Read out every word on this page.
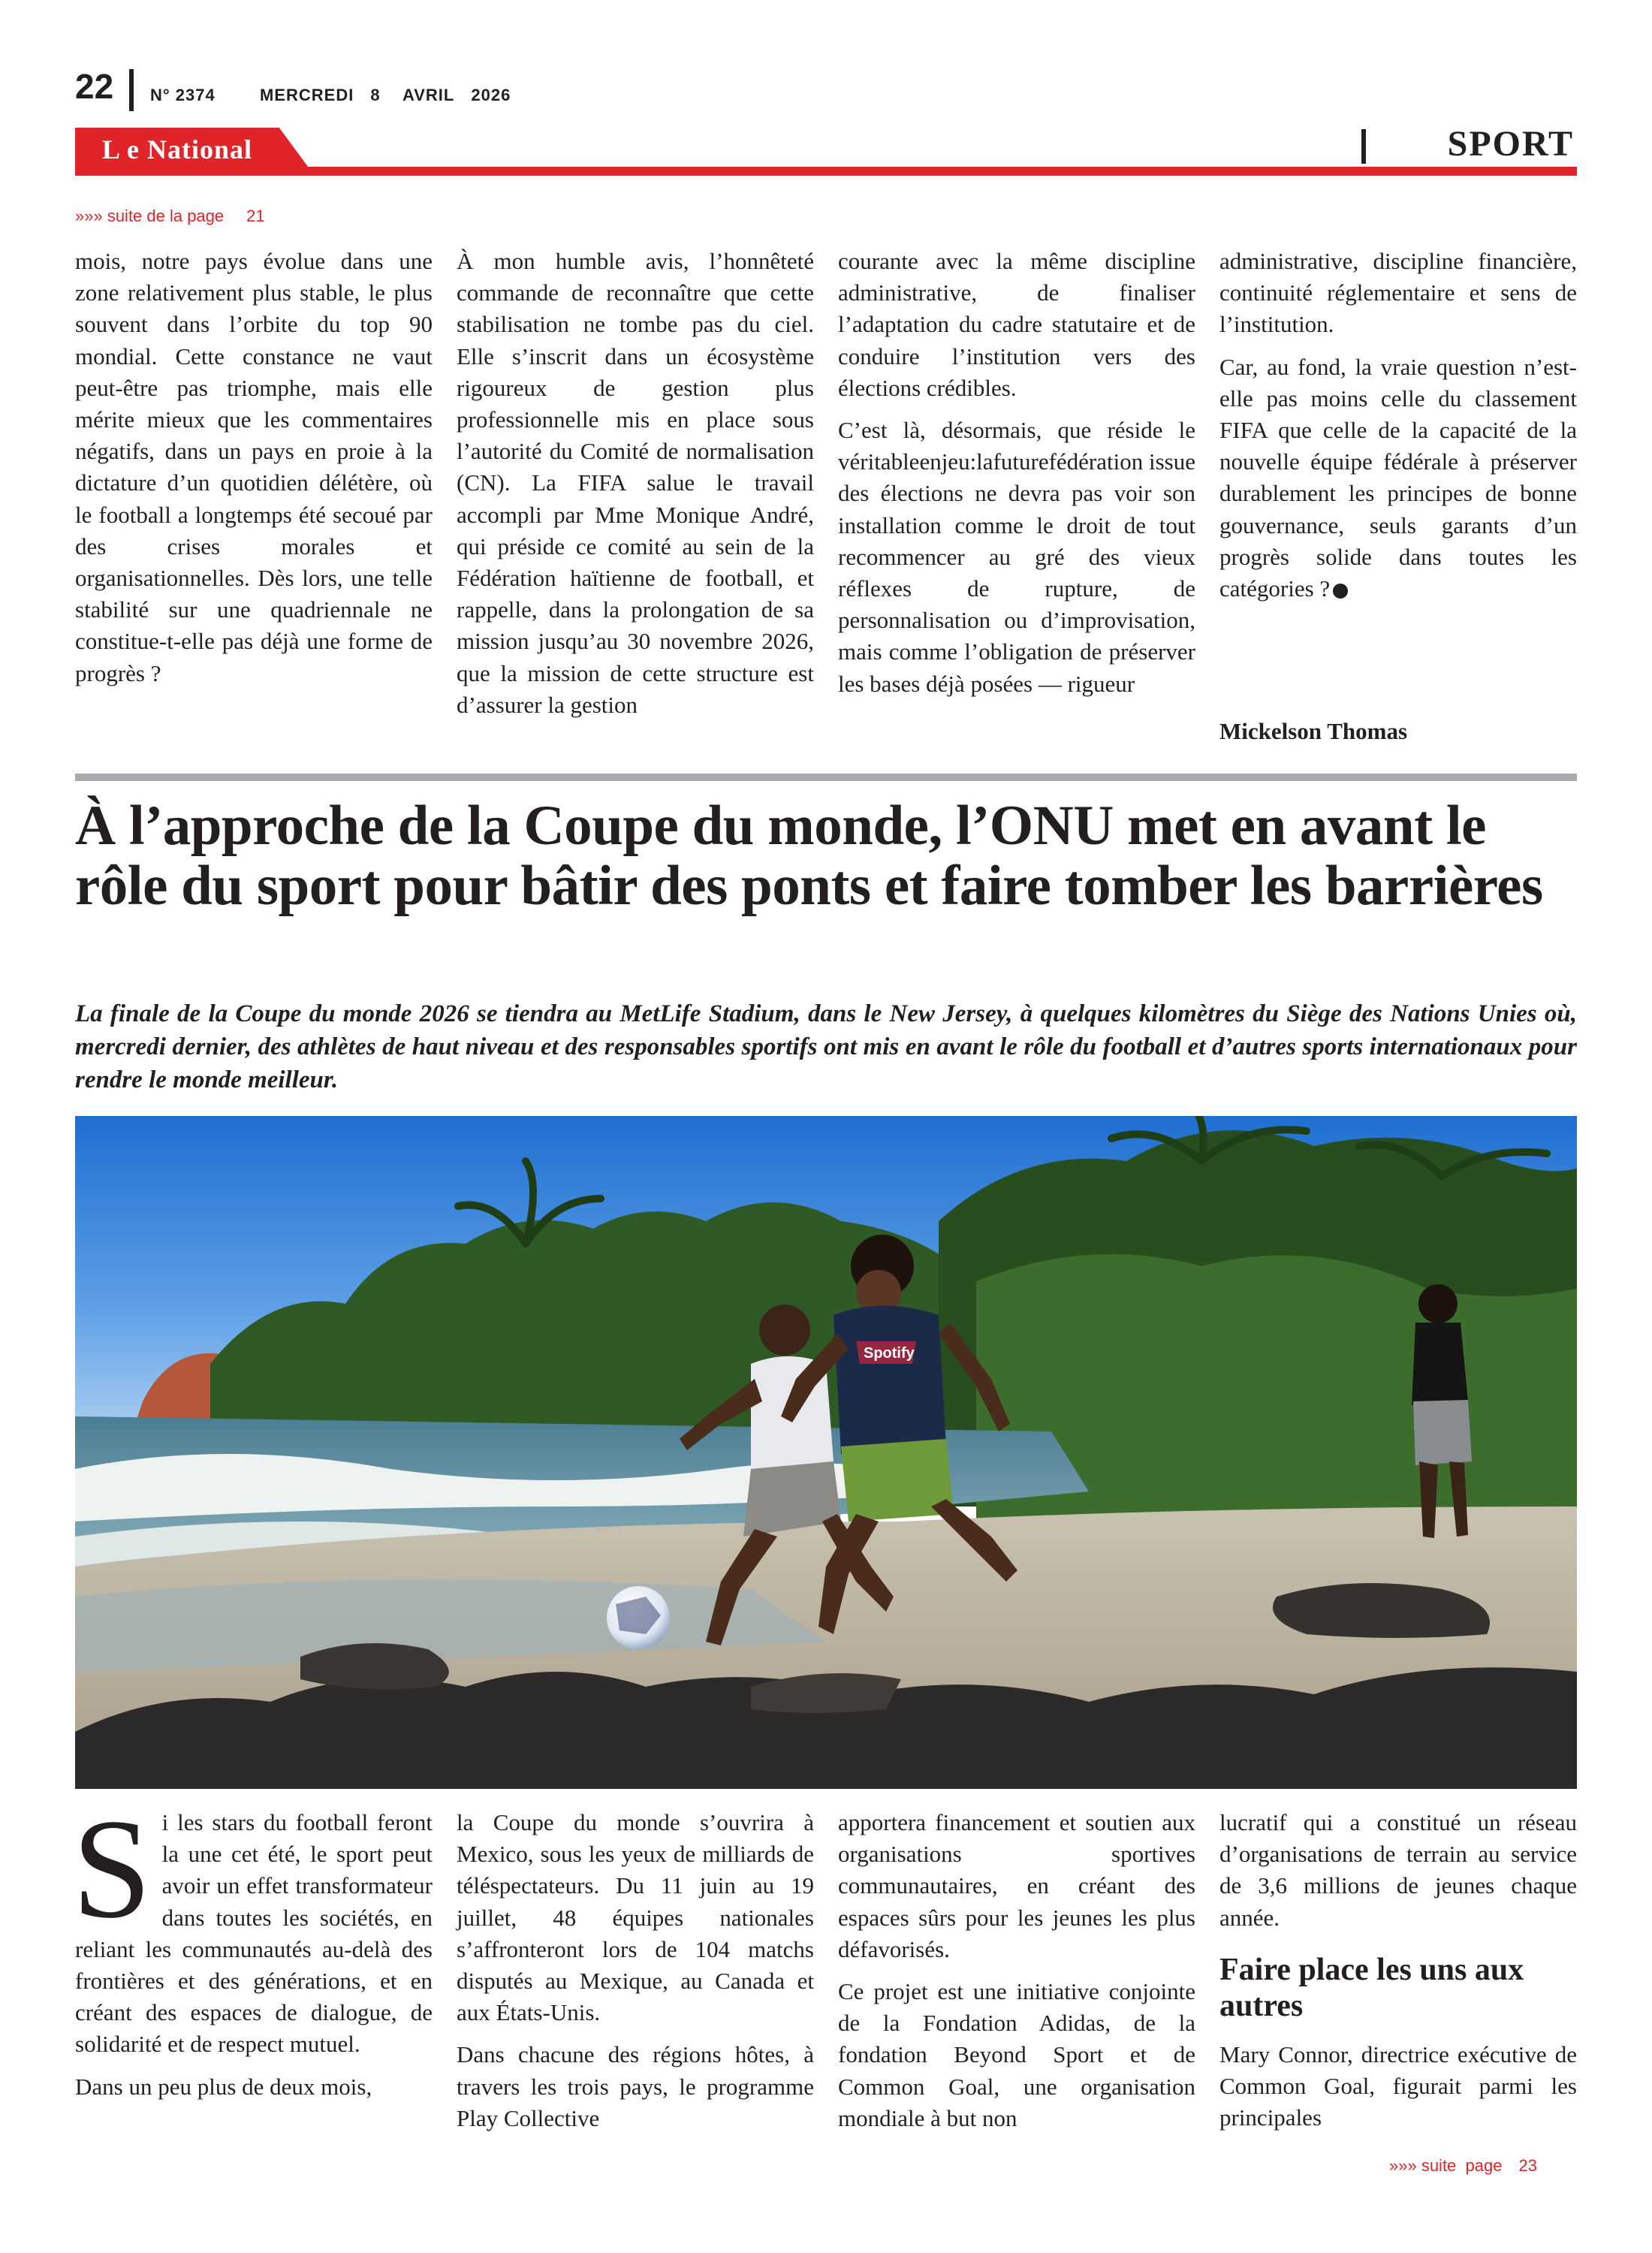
22 N° 2374	MERCREDI 8  AVRIL 2026
L e National	SPORT
»»» suite de la page 21

mois, notre pays évolue dans une zone relativement plus stable, le plus souvent dans l’orbite du top 90 mondial. Cette constance ne vaut peut-être pas triomphe, mais elle mérite mieux que les commentaires négatifs, dans un pays en proie à la dictature d’un quotidien délétère, où le football a longtemps été secoué par des crises morales et organisationnelles. Dès lors, une telle stabilité sur une quadriennale ne constitue-t-elle pas déjà une forme de progrès ?

À mon humble avis, l’honnêteté commande de reconnaître que cette stabilisation ne tombe pas du ciel. Elle s’inscrit dans un écosystème rigoureux de gestion plus professionnelle mis en place sous l’autorité du Comité de normalisation (CN). La FIFA salue le travail accompli par Mme Monique André, qui préside ce comité au sein de la Fédération haïtienne de football, et rappelle, dans la prolongation de sa mission jusqu’au 30 novembre 2026, que la mission de cette structure est d’assurer la gestion

courante avec la même discipline administrative, de finaliser l’adaptation du cadre statutaire et de conduire l’institution vers des élections crédibles.

C’est là, désormais, que réside le véritableenjeu:lafuturefédération issue des élections ne devra pas voir son installation comme le droit de tout recommencer au gré des vieux réflexes de rupture, de personnalisation ou d’improvisation, mais comme l’obligation de préserver les bases déjà posées — rigueur

administrative, discipline financière, continuité réglementaire et sens de l’institution.

Car, au fond, la vraie question n’est-elle pas moins celle du classement FIFA que celle de la capacité de la nouvelle équipe fédérale à préserver durablement les principes de bonne gouvernance, seuls garants d’un progrès solide dans toutes les catégories ?

Mickelson Thomas
À l’approche de la Coupe du monde, l’ONU met en avant le rôle du sport pour bâtir des ponts et faire tomber les barrières

La finale de la Coupe du monde 2026 se tiendra au MetLife Stadium, dans le New Jersey, à quelques kilomètres du Siège des Nations Unies où, mercredi dernier, des athlètes de haut niveau et des responsables sportifs ont mis en avant le rôle du football et d’autres sports internationaux pour rendre le monde meilleur.

Spotify

Si les stars du football feront la une cet été, le sport peut avoir un effet transformateur dans toutes les sociétés, en reliant les communautés au-delà des frontières et des générations, et en créant des espaces de dialogue, de solidarité et de respect mutuel.

Dans un peu plus de deux mois,

la Coupe du monde s’ouvrira à Mexico, sous les yeux de milliards de téléspectateurs. Du 11 juin au 19 juillet, 48 équipes nationales s’affronteront lors de 104 matchs disputés au Mexique, au Canada et aux États-Unis.

Dans chacune des régions hôtes, à travers les trois pays, le programme Play Collective

apportera financement et soutien aux organisations sportives communautaires, en créant des espaces sûrs pour les jeunes les plus défavorisés.

Ce projet est une initiative conjointe de la Fondation Adidas, de la fondation Beyond Sport et de Common Goal, une organisation mondiale à but non

lucratif qui a constitué un réseau d’organisations de terrain au service de 3,6 millions de jeunes chaque année.

Faire place les uns aux autres

Mary Connor, directrice exécutive de Common Goal, figurait parmi les principales

»»» suite  page 23
